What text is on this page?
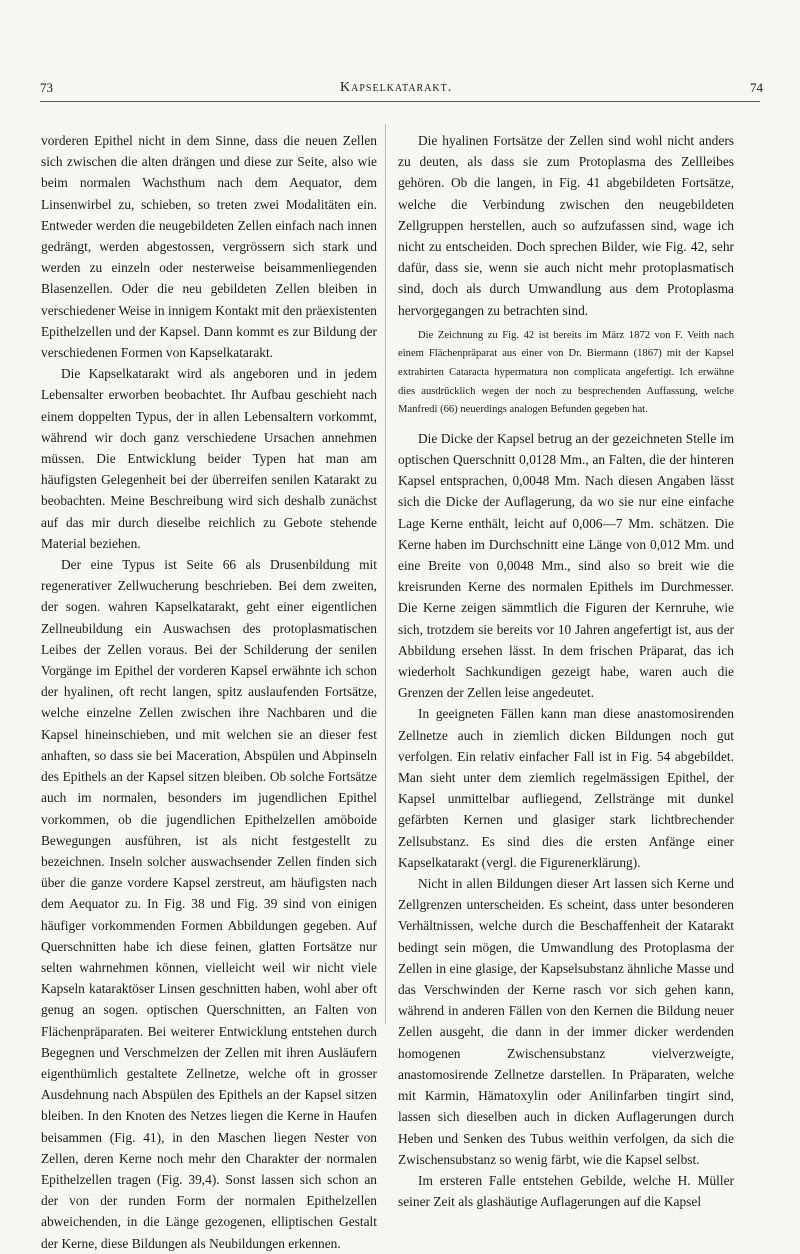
73	Kapselkatarakt.	74

vorderen Epithel nicht in dem Sinne, dass die neuen Zellen sich zwischen die alten drängen und diese zur Seite, also wie beim normalen Wachsthum nach dem Aequator, dem Linsenwirbel zu, schieben, so treten zwei Modalitäten ein. Entweder werden die neugebildeten Zellen einfach nach innen gedrängt, werden abgestossen, vergrössern sich stark und werden zu einzeln oder nesterweise beisammenliegenden Blasenzellen. Oder die neu gebildeten Zellen bleiben in verschiedener Weise in innigem Kontakt mit den präexistenten Epithelzellen und der Kapsel. Dann kommt es zur Bildung der verschiedenen Formen von Kapselkatarakt.

Die Kapselkatarakt wird als angeboren und in jedem Lebensalter erworben beobachtet. Ihr Aufbau geschieht nach einem doppelten Typus, der in allen Lebensaltern vorkommt, während wir doch ganz verschiedene Ursachen annehmen müssen. Die Entwicklung beider Typen hat man am häufigsten Gelegenheit bei der überreifen senilen Katarakt zu beobachten. Meine Beschreibung wird sich deshalb zunächst auf das mir durch dieselbe reichlich zu Gebote stehende Material beziehen.

Der eine Typus ist Seite 66 als Drusenbildung mit regenerativer Zellwucherung beschrieben. Bei dem zweiten, der sogen. wahren Kapselkatarakt, geht einer eigentlichen Zellneubildung ein Auswachsen des protoplasmatischen Leibes der Zellen voraus. Bei der Schilderung der senilen Vorgänge im Epithel der vorderen Kapsel erwähnte ich schon der hyalinen, oft recht langen, spitz auslaufenden Fortsätze, welche einzelne Zellen zwischen ihre Nachbaren und die Kapsel hineinschieben, und mit welchen sie an dieser fest anhaften, so dass sie bei Maceration, Abspülen und Abpinseln des Epithels an der Kapsel sitzen bleiben. Ob solche Fortsätze auch im normalen, besonders im jugendlichen Epithel vorkommen, ob die jugendlichen Epithelzellen amöboide Bewegungen ausführen, ist als nicht festgestellt zu bezeichnen. Inseln solcher auswachsender Zellen finden sich über die ganze vordere Kapsel zerstreut, am häufigsten nach dem Aequator zu. In Fig. 38 und Fig. 39 sind von einigen häufiger vorkommenden Formen Abbildungen gegeben. Auf Querschnitten habe ich diese feinen, glatten Fortsätze nur selten wahrnehmen können, vielleicht weil wir nicht viele Kapseln kataraktöser Linsen geschnitten haben, wohl aber oft genug an sogen. optischen Querschnitten, an Falten von Flächenpräparaten. Bei weiterer Entwicklung entstehen durch Begegnen und Verschmelzen der Zellen mit ihren Ausläufern eigenthümlich gestaltete Zellnetze, welche oft in grosser Ausdehnung nach Abspülen des Epithels an der Kapsel sitzen bleiben. In den Knoten des Netzes liegen die Kerne in Haufen beisammen (Fig. 41), in den Maschen liegen Nester von Zellen, deren Kerne noch mehr den Charakter der normalen Epithelzellen tragen (Fig. 39,4). Sonst lassen sich schon an der von der runden Form der normalen Epithelzellen abweichenden, in die Länge gezogenen, elliptischen Gestalt der Kerne, diese Bildungen als Neubildungen erkennen.

Die hyalinen Fortsätze der Zellen sind wohl nicht anders zu deuten, als dass sie zum Protoplasma des Zellleibes gehören. Ob die langen, in Fig. 41 abgebildeten Fortsätze, welche die Verbindung zwischen den neugebildeten Zellgruppen herstellen, auch so aufzufassen sind, wage ich nicht zu entscheiden. Doch sprechen Bilder, wie Fig. 42, sehr dafür, dass sie, wenn sie auch nicht mehr protoplasmatisch sind, doch als durch Umwandlung aus dem Protoplasma hervorgegangen zu betrachten sind.

Die Zeichnung zu Fig. 42 ist bereits im März 1872 von F. Veith nach einem Flächenpräparat aus einer von Dr. Biermann (1867) mit der Kapsel extrahirten Cataracta hypermatura non complicata angefertigt. Ich erwähne dies ausdrücklich wegen der noch zu besprechenden Auffassung, welche Manfredi (66) neuerdings analogen Befunden gegeben hat.

Die Dicke der Kapsel betrug an der gezeichneten Stelle im optischen Querschnitt 0,0128 Mm., an Falten, die der hinteren Kapsel entsprachen, 0,0048 Mm. Nach diesen Angaben lässt sich die Dicke der Auflagerung, da wo sie nur eine einfache Lage Kerne enthält, leicht auf 0,006—7 Mm. schätzen. Die Kerne haben im Durchschnitt eine Länge von 0,012 Mm. und eine Breite von 0,0048 Mm., sind also so breit wie die kreisrunden Kerne des normalen Epithels im Durchmesser. Die Kerne zeigen sämmtlich die Figuren der Kernruhe, wie sich, trotzdem sie bereits vor 10 Jahren angefertigt ist, aus der Abbildung ersehen lässt. In dem frischen Präparat, das ich wiederholt Sachkundigen gezeigt habe, waren auch die Grenzen der Zellen leise angedeutet.

In geeigneten Fällen kann man diese anastomosirenden Zellnetze auch in ziemlich dicken Bildungen noch gut verfolgen. Ein relativ einfacher Fall ist in Fig. 54 abgebildet. Man sieht unter dem ziemlich regelmässigen Epithel, der Kapsel unmittelbar aufliegend, Zellstränge mit dunkel gefärbten Kernen und glasiger stark lichtbrechender Zellsubstanz. Es sind dies die ersten Anfänge einer Kapselkatarakt (vergl. die Figurenerklärung).

Nicht in allen Bildungen dieser Art lassen sich Kerne und Zellgrenzen unterscheiden. Es scheint, dass unter besonderen Verhältnissen, welche durch die Beschaffenheit der Katarakt bedingt sein mögen, die Umwandlung des Protoplasma der Zellen in eine glasige, der Kapselsubstanz ähnliche Masse und das Verschwinden der Kerne rasch vor sich gehen kann, während in anderen Fällen von den Kernen die Bildung neuer Zellen ausgeht, die dann in der immer dicker werdenden homogenen Zwischensubstanz vielverzweigte, anastomosirende Zellnetze darstellen. In Präparaten, welche mit Karmin, Hämatoxylin oder Anilinfarben tingirt sind, lassen sich dieselben auch in dicken Auflagerungen durch Heben und Senken des Tubus weithin verfolgen, da sich die Zwischensubstanz so wenig färbt, wie die Kapsel selbst.

Im ersteren Falle entstehen Gebilde, welche H. Müller seiner Zeit als glashäutige Auflagerungen auf die Kapsel
